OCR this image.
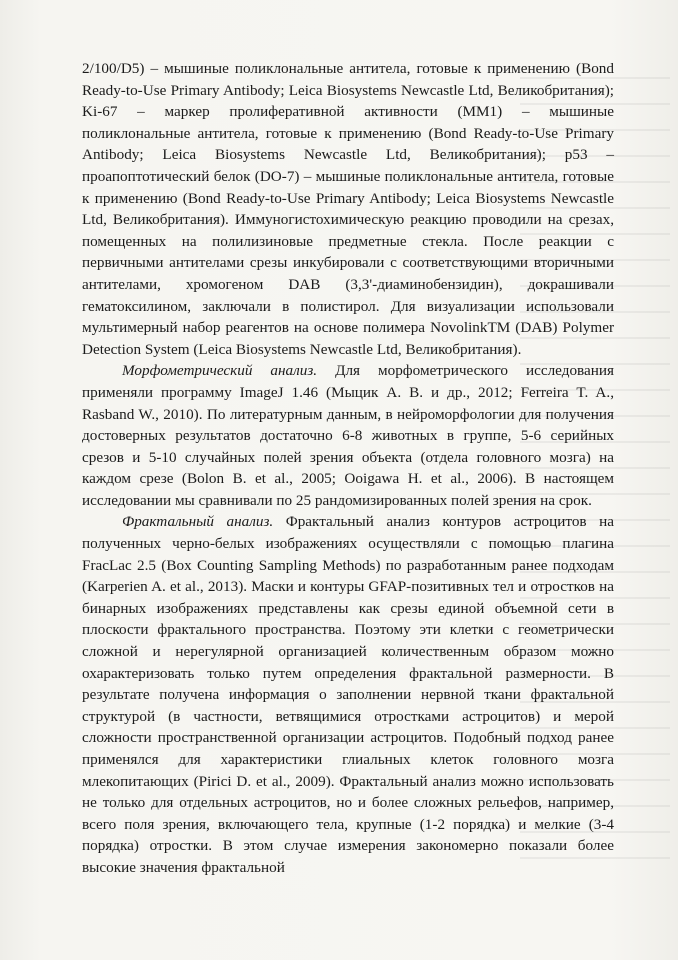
2/100/D5) – мышиные поликлональные антитела, готовые к применению (Bond Ready-to-Use Primary Antibody; Leica Biosystems Newcastle Ltd, Великобритания); Ki-67 – маркер пролиферативной активности (MM1) – мышиные поликлональные антитела, готовые к применению (Bond Ready-to-Use Primary Antibody; Leica Biosystems Newcastle Ltd, Великобритания); p53 – проапоптотический белок (DO-7) – мышиные поликлональные антитела, готовые к применению (Bond Ready-to-Use Primary Antibody; Leica Biosystems Newcastle Ltd, Великобритания). Иммуногистохимическую реакцию проводили на срезах, помещенных на полилизиновые предметные стекла. После реакции с первичными антителами срезы инкубировали с соответствующими вторичными антителами, хромогеном DAB (3,3'-диаминобензидин), докрашивали гематоксилином, заключали в полистирол. Для визуализации использовали мультимерный набор реагентов на основе полимера NovolinkTM (DAB) Polymer Detection System (Leica Biosystems Newcastle Ltd, Великобритания).

Морфометрический анализ. Для морфометрического исследования применяли программу ImageJ 1.46 (Мыцик А. В. и др., 2012; Ferreira T. A., Rasband W., 2010). По литературным данным, в нейроморфологии для получения достоверных результатов достаточно 6-8 животных в группе, 5-6 серийных срезов и 5-10 случайных полей зрения объекта (отдела головного мозга) на каждом срезе (Bolon B. et al., 2005; Ooigawa H. et al., 2006). В настоящем исследовании мы сравнивали по 25 рандомизированных полей зрения на срок.

Фрактальный анализ. Фрактальный анализ контуров астроцитов на полученных черно-белых изображениях осуществляли с помощью плагина FracLac 2.5 (Box Counting Sampling Methods) по разработанным ранее подходам (Karperien A. et al., 2013). Маски и контуры GFAP-позитивных тел и отростков на бинарных изображениях представлены как срезы единой объемной сети в плоскости фрактального пространства. Поэтому эти клетки с геометрически сложной и нерегулярной организацией количественным образом можно охарактеризовать только путем определения фрактальной размерности. В результате получена информация о заполнении нервной ткани фрактальной структурой (в частности, ветвящимися отростками астроцитов) и мерой сложности пространственной организации астроцитов. Подобный подход ранее применялся для характеристики глиальных клеток головного мозга млекопитающих (Pirici D. et al., 2009). Фрактальный анализ можно использовать не только для отдельных астроцитов, но и более сложных рельефов, например, всего поля зрения, включающего тела, крупные (1-2 порядка) и мелкие (3-4 порядка) отростки. В этом случае измерения закономерно показали более высокие значения фрактальной
